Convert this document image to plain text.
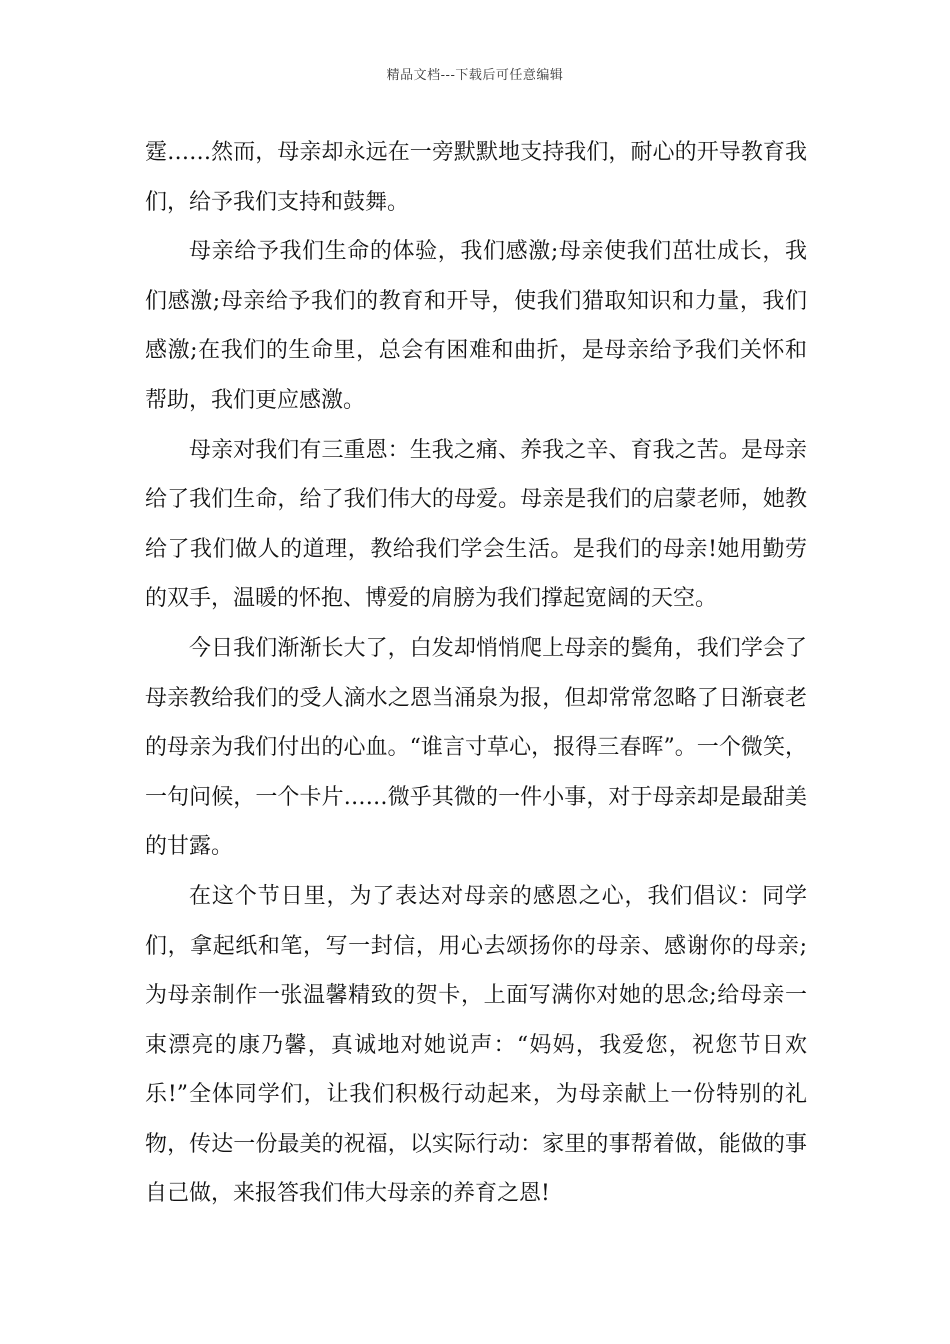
精品文档---下载后可任意编辑

霆……然而，母亲却永远在一旁默默地支持我们，耐心的开导教育我们，给予我们支持和鼓舞。

母亲给予我们生命的体验，我们感激;母亲使我们茁壮成长，我们感激;母亲给予我们的教育和开导，使我们猎取知识和力量，我们感激;在我们的生命里，总会有困难和曲折，是母亲给予我们关怀和帮助，我们更应感激。

母亲对我们有三重恩：生我之痛、养我之辛、育我之苦。是母亲给了我们生命，给了我们伟大的母爱。母亲是我们的启蒙老师，她教给了我们做人的道理，教给我们学会生活。是我们的母亲!她用勤劳的双手，温暖的怀抱、博爱的肩膀为我们撑起宽阔的天空。

今日我们渐渐长大了，白发却悄悄爬上母亲的鬓角，我们学会了母亲教给我们的受人滴水之恩当涌泉为报，但却常常忽略了日渐衰老的母亲为我们付出的心血。“谁言寸草心，报得三春晖”。一个微笑，一句问候，一个卡片……微乎其微的一件小事，对于母亲却是最甜美的甘露。

在这个节日里，为了表达对母亲的感恩之心，我们倡议：同学们，拿起纸和笔，写一封信，用心去颂扬你的母亲、感谢你的母亲;为母亲制作一张温馨精致的贺卡，上面写满你对她的思念;给母亲一束漂亮的康乃馨，真诚地对她说声：“妈妈，我爱您，祝您节日欢乐!”全体同学们，让我们积极行动起来，为母亲献上一份特别的礼物，传达一份最美的祝福，以实际行动：家里的事帮着做，能做的事自己做，来报答我们伟大母亲的养育之恩!
